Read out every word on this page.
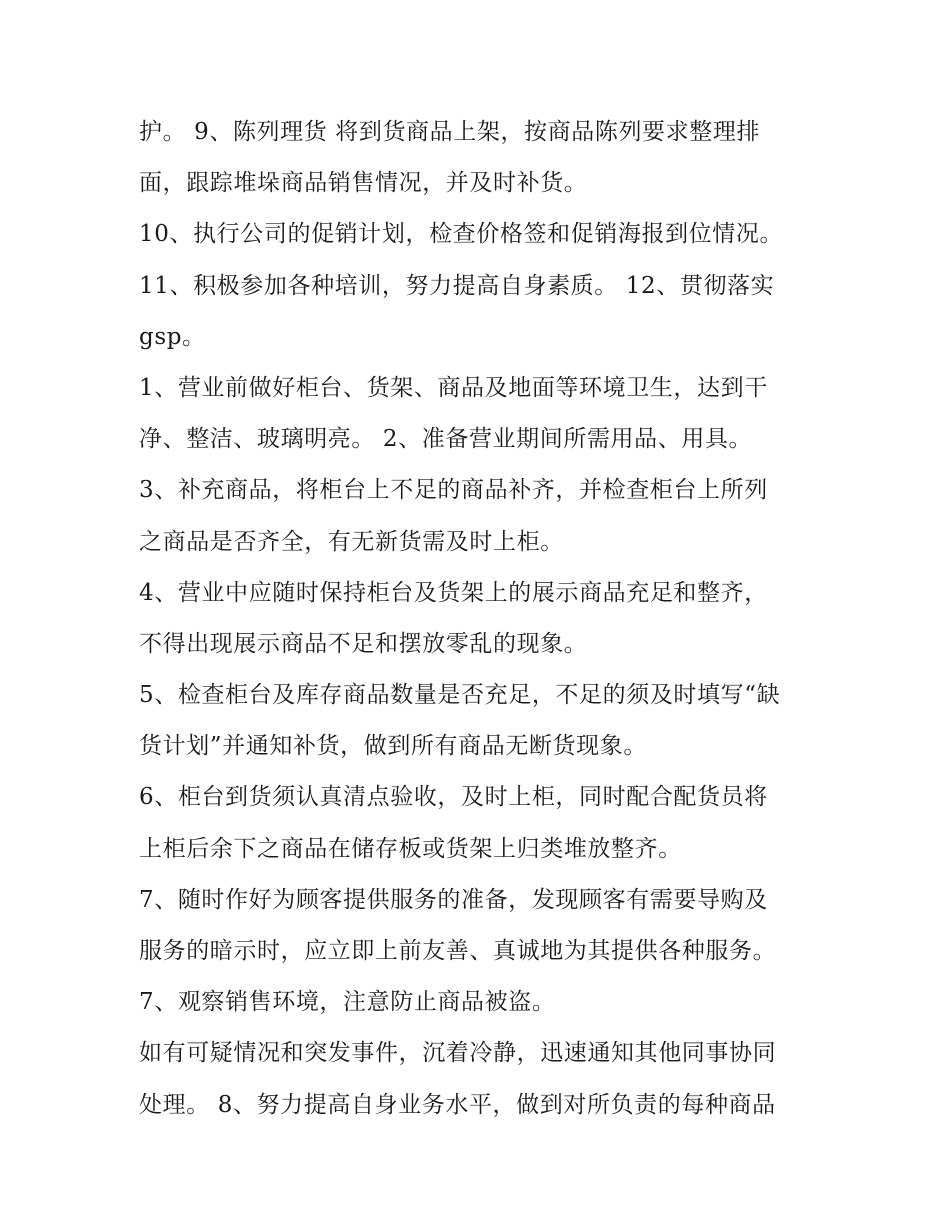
护。 9、陈列理货 将到货商品上架，按商品陈列要求整理排
面，跟踪堆垛商品销售情况，并及时补货。
10、执行公司的促销计划，检查价格签和促销海报到位情况。
11、积极参加各种培训，努力提高自身素质。 12、贯彻落实
gsp。
1、营业前做好柜台、货架、商品及地面等环境卫生，达到干
净、整洁、玻璃明亮。 2、准备营业期间所需用品、用具。
3、补充商品，将柜台上不足的商品补齐，并检查柜台上所列
之商品是否齐全，有无新货需及时上柜。
4、营业中应随时保持柜台及货架上的展示商品充足和整齐，
不得出现展示商品不足和摆放零乱的现象。
5、检查柜台及库存商品数量是否充足，不足的须及时填写“缺
货计划”并通知补货，做到所有商品无断货现象。
6、柜台到货须认真清点验收，及时上柜，同时配合配货员将
上柜后余下之商品在储存板或货架上归类堆放整齐。
7、随时作好为顾客提供服务的准备，发现顾客有需要导购及
服务的暗示时，应立即上前友善、真诚地为其提供各种服务。
7、观察销售环境，注意防止商品被盗。
如有可疑情况和突发事件，沉着冷静，迅速通知其他同事协同
处理。 8、努力提高自身业务水平，做到对所负责的每种商品
